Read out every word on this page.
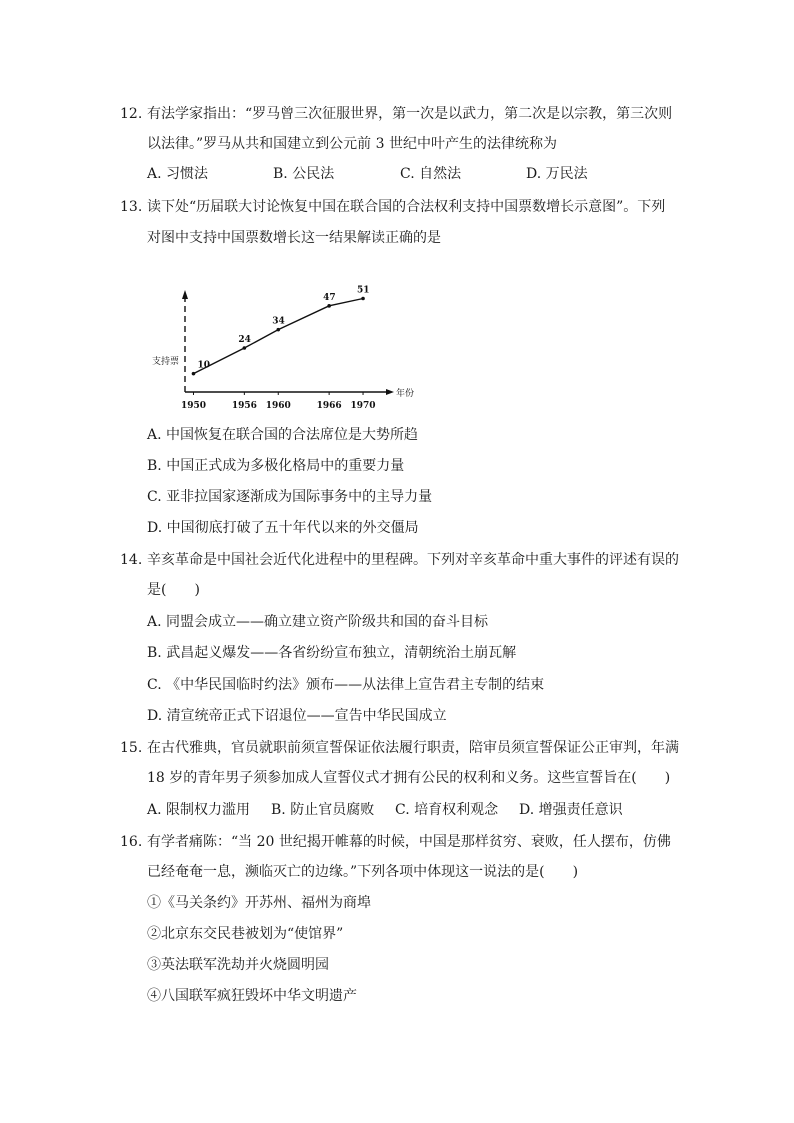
12. 有法学家指出：“罗马曾三次征服世界，第一次是以武力，第二次是以宗教，第三次则
以法律。”罗马从共和国建立到公元前 3 世纪中叶产生的法律统称为
A. 习惯法	B. 公民法	C. 自然法	D. 万民法
13. 读下处“历届联大讨论恢复中国在联合国的合法权利支持中国票数增长示意图”。下列
对图中支持中国票数增长这一结果解读正确的是
支持票
年份
1950	1956 1960	1966 1970
10
24
34
47
51
A. 中国恢复在联合国的合法席位是大势所趋
B. 中国正式成为多极化格局中的重要力量
C. 亚非拉国家逐渐成为国际事务中的主导力量
D. 中国彻底打破了五十年代以来的外交僵局
14. 辛亥革命是中国社会近代化进程中的里程碑。下列对辛亥革命中重大事件的评述有误的
是(　　)
A. 同盟会成立——确立建立资产阶级共和国的奋斗目标
B. 武昌起义爆发——各省纷纷宣布独立，清朝统治土崩瓦解
C. 《中华民国临时约法》颁布——从法律上宣告君主专制的结束
D. 清宣统帝正式下诏退位——宣告中华民国成立
15. 在古代雅典，官员就职前须宣誓保证依法履行职责，陪审员须宣誓保证公正审判，年满
18 岁的青年男子须参加成人宣誓仪式才拥有公民的权利和义务。这些宣誓旨在(　　)
A. 限制权力滥用 B. 防止官员腐败 C. 培育权利观念 D. 增强责任意识
16. 有学者痛陈：“当 20 世纪揭开帷幕的时候，中国是那样贫穷、衰败，任人摆布，仿佛
已经奄奄一息，濒临灭亡的边缘。”下列各项中体现这一说法的是(　　)
①《马关条约》开苏州、福州为商埠
②北京东交民巷被划为“使馆界”
③英法联军洗劫并火烧圆明园
④八国联军疯狂毁坏中华文明遗产
